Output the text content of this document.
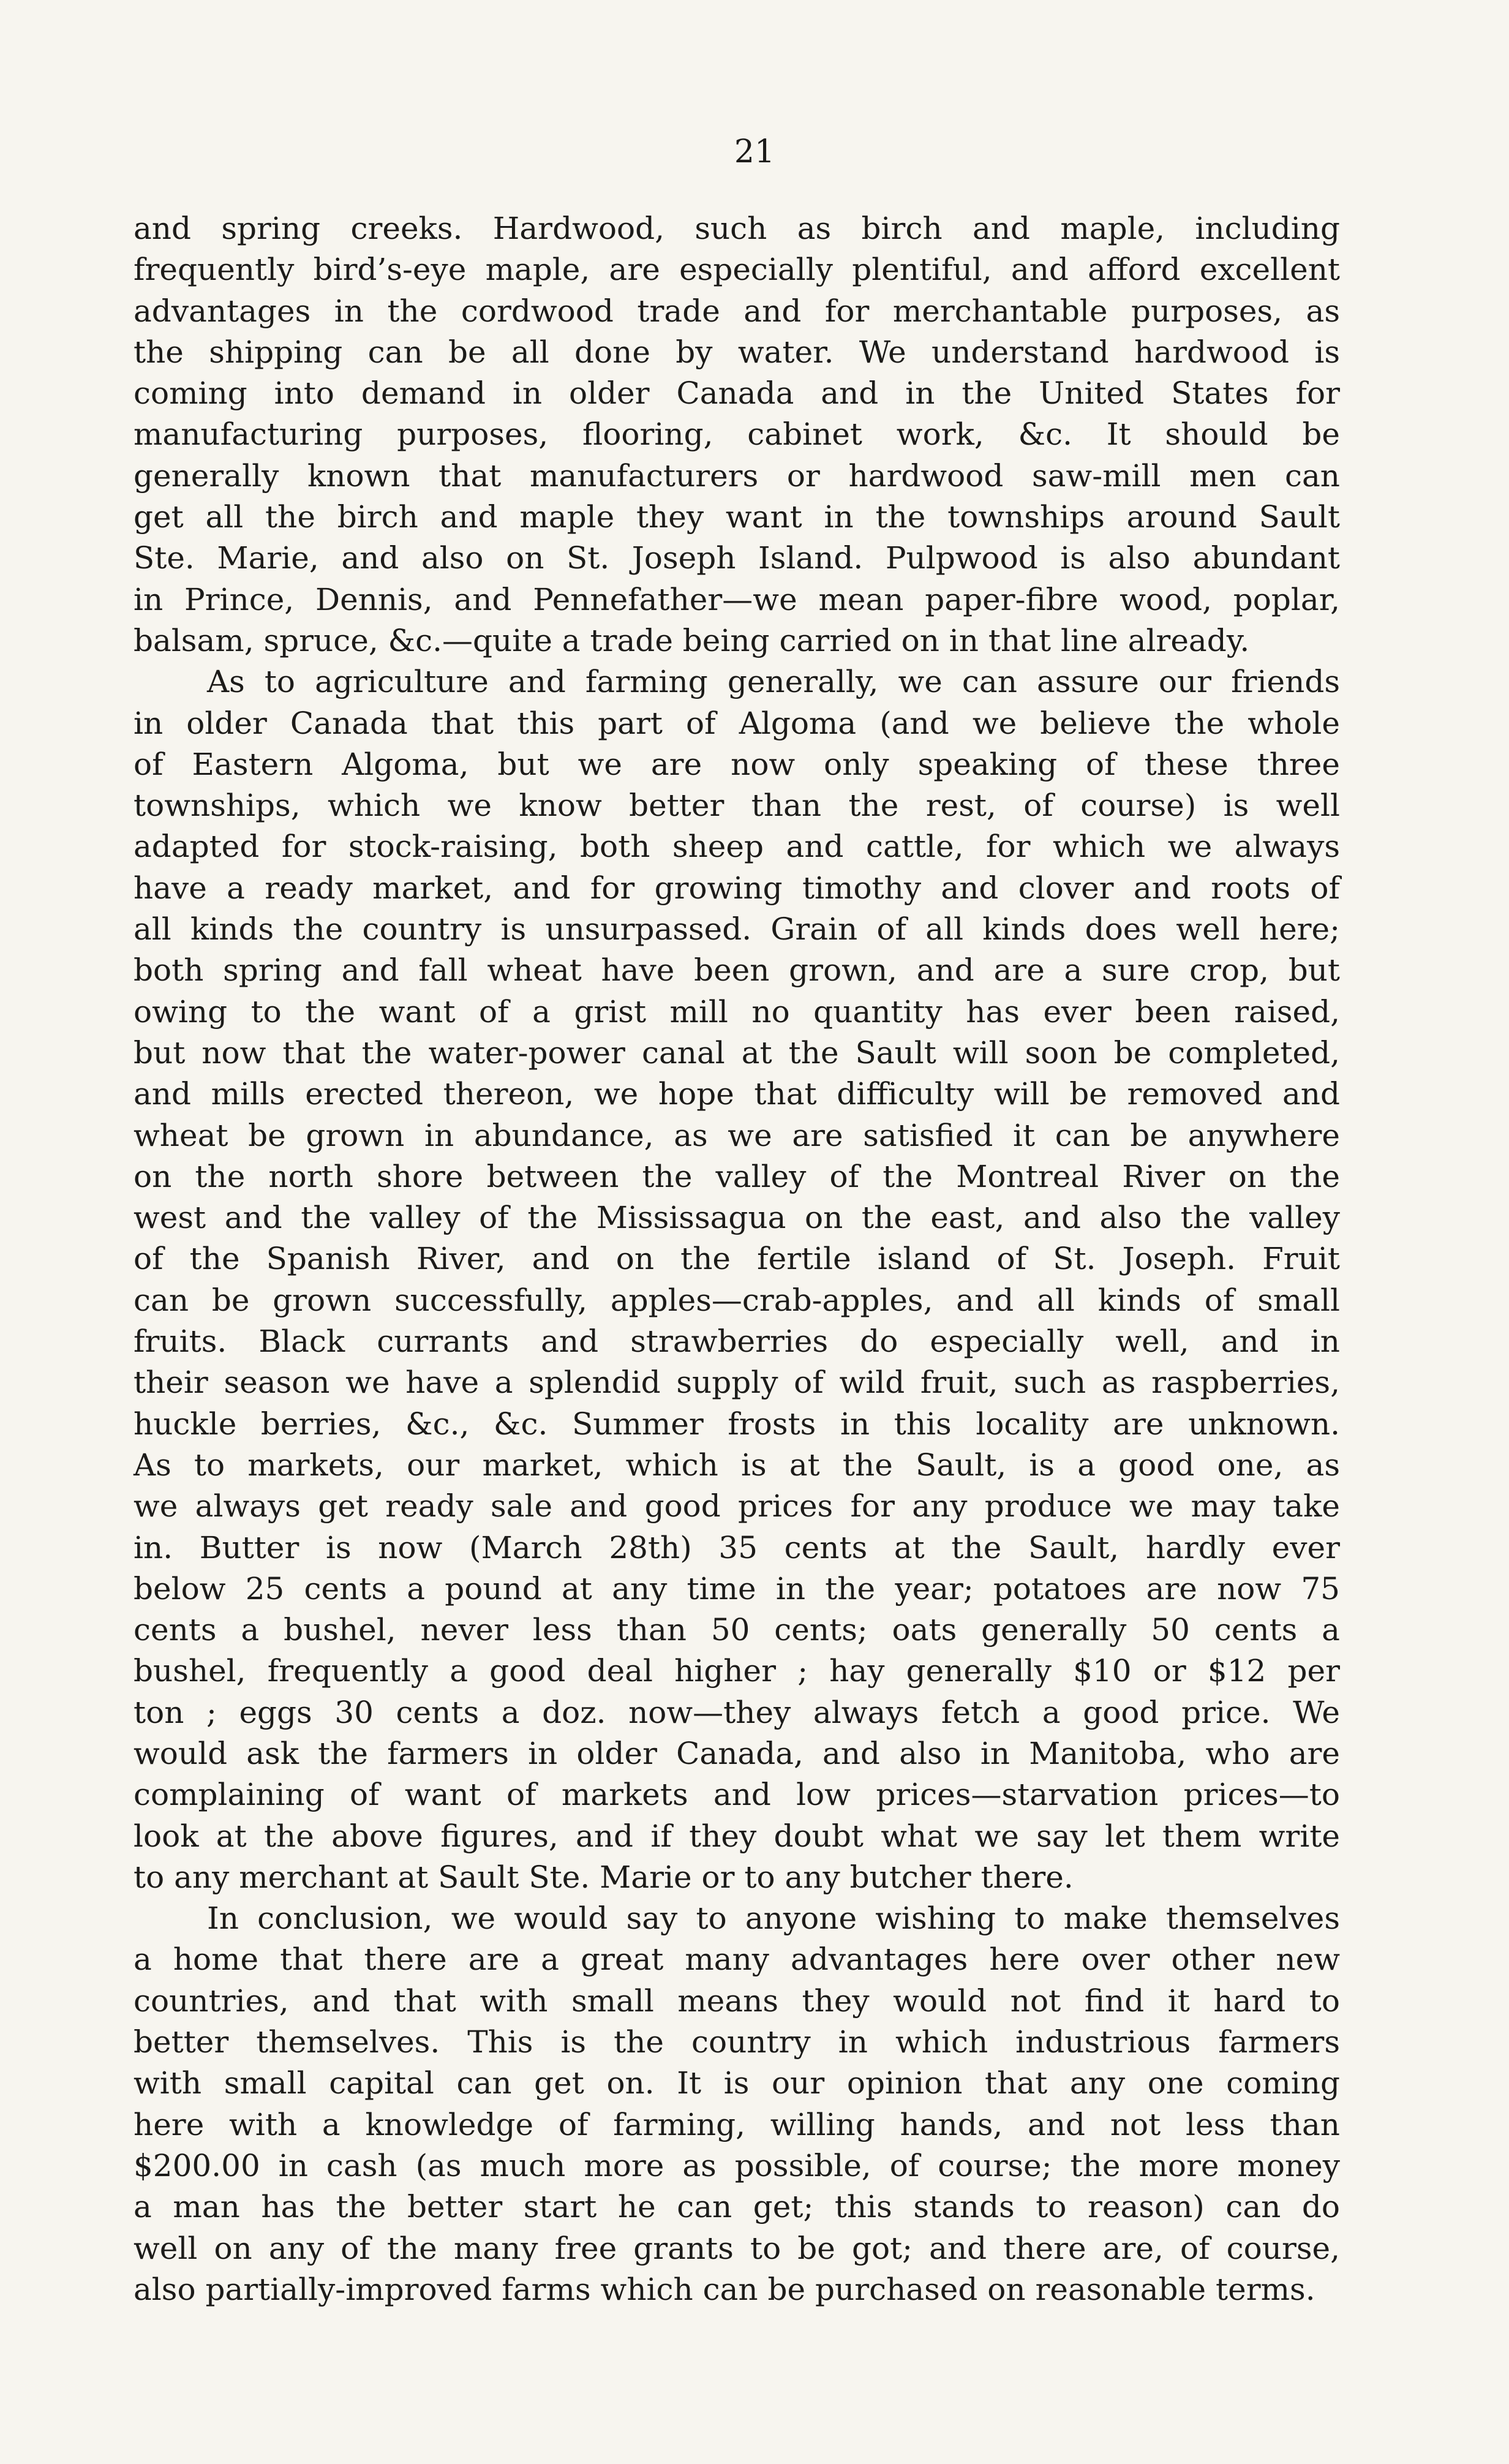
21
and spring creeks. Hardwood, such as birch and maple, including
frequently bird’s-eye maple, are especially plentiful, and afford excellent
advantages in the cordwood trade and for merchantable purposes, as
the shipping can be all done by water. We understand hardwood is
coming into demand in older Canada and in the United States for
manufacturing purposes, flooring, cabinet work, &c. It should be
generally known that manufacturers or hardwood saw-mill men can
get all the birch and maple they want in the townships around Sault
Ste. Marie, and also on St. Joseph Island. Pulpwood is also abundant
in Prince, Dennis, and Pennefather—we mean paper-fibre wood, poplar,
balsam, spruce, &c.—quite a trade being carried on in that line already.
As to agriculture and farming generally, we can assure our friends
in older Canada that this part of Algoma (and we believe the whole
of Eastern Algoma, but we are now only speaking of these three
townships, which we know better than the rest, of course) is well
adapted for stock-raising, both sheep and cattle, for which we always
have a ready market, and for growing timothy and clover and roots of
all kinds the country is unsurpassed. Grain of all kinds does well here;
both spring and fall wheat have been grown, and are a sure crop, but
owing to the want of a grist mill no quantity has ever been raised,
but now that the water-power canal at the Sault will soon be completed,
and mills erected thereon, we hope that difficulty will be removed and
wheat be grown in abundance, as we are satisfied it can be anywhere
on the north shore between the valley of the Montreal River on the
west and the valley of the Mississagua on the east, and also the valley
of the Spanish River, and on the fertile island of St. Joseph. Fruit
can be grown successfully, apples—crab-apples, and all kinds of small
fruits. Black currants and strawberries do especially well, and in
their season we have a splendid supply of wild fruit, such as raspberries,
huckle berries, &c., &c. Summer frosts in this locality are unknown.
As to markets, our market, which is at the Sault, is a good one, as
we always get ready sale and good prices for any produce we may take
in. Butter is now (March 28th) 35 cents at the Sault, hardly ever
below 25 cents a pound at any time in the year; potatoes are now 75
cents a bushel, never less than 50 cents; oats generally 50 cents a
bushel, frequently a good deal higher ; hay generally $10 or $12 per
ton ; eggs 30 cents a doz. now—they always fetch a good price. We
would ask the farmers in older Canada, and also in Manitoba, who are
complaining of want of markets and low prices—starvation prices—to
look at the above figures, and if they doubt what we say let them write
to any merchant at Sault Ste. Marie or to any butcher there.
In conclusion, we would say to anyone wishing to make themselves
a home that there are a great many advantages here over other new
countries, and that with small means they would not find it hard to
better themselves. This is the country in which industrious farmers
with small capital can get on. It is our opinion that any one coming
here with a knowledge of farming, willing hands, and not less than
$200.00 in cash (as much more as possible, of course; the more money
a man has the better start he can get; this stands to reason) can do
well on any of the many free grants to be got; and there are, of course,
also partially-improved farms which can be purchased on reasonable terms.
